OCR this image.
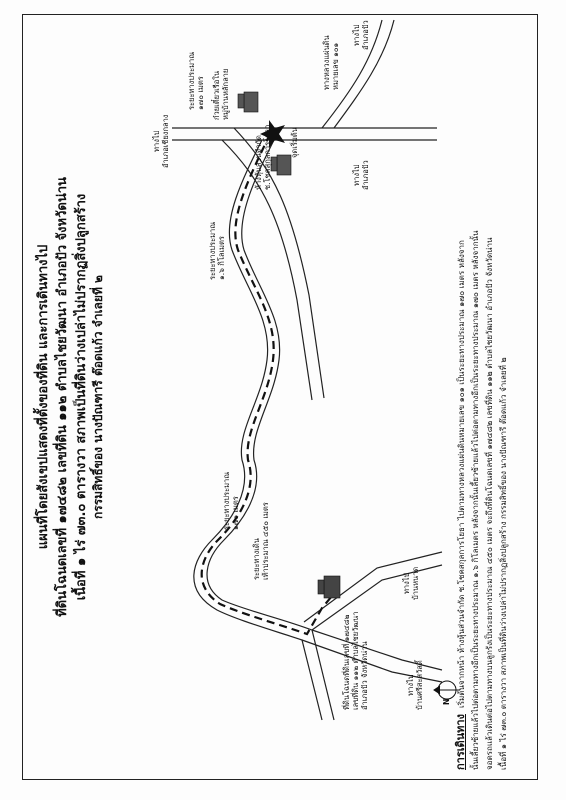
แผนที่โดยสังเขปแสดงที่ตั้งของที่ดิน และการเดินทางไป ที่ดินโฉนดเลขที่ ๑๗๔๘๒ เลขที่ดิน ๑๑๒ ตำบลไชยวัฒนา อำเภอปัว จังหวัดน่าน เนื้อที่ ๑ ไร่ ๗๓.๐ ตารางวา สภาพเป็นที่ดินว่างเปล่าไม่ปรากฏสิ่งปลูกสร้าง กรรมสิทธิ์ของ นางปัณฑารี ต๊อดแก้ว จำเลยที่ ๒
ทางไป อำเภอเชียงกลาง
ทางไป อำเภอปัว
ทางไป อำเภอปัว
ทางหลวงแผ่นดิน หมายเลข ๑๐๑
ก๋วยเตี๋ยวเรือใน หมู่บ้านหลักลาย
ระยะทางประมาณ ๑๗๐ เมตร
จุดเริ่มต้น
ห้างหุ้นส่วนจำกัด ช.โชคสุกุลการโยธา
ระยะทางประมาณ ๑.๖ กิโลเมตร
ระยะทางประมาณ ๑๗๐ เมตร
ระยะทางเดิน เท้าประมาณ ๔๕๐ เมตร
ทางไป บ้านหนาด
ทางไป บ้านศรีสะสวัสดิ์
ที่ดินโฉนดที่ดินเลขที่ ๑๗๔๘๒ เลขที่ดิน ๑๑๒ ตำบลไชยวัฒนา อำเภอปัว จังหวัดน่าน	N
การเดินทางเริ่มต้นจากหน้า ห้างหุ้นส่วนจำกัด ช.โชคสกุลการโยธา ไปตามทางหลวงแผ่นดินหมายเลข ๑๐๑ เป็นระยะทางประมาณ ๑๗๐ เมตร หลังจาก นั้นเลี้ยวซ้ายแล้วไปต่อตามทางอีกเป็นระยะทางประมาณ ๑.๖ กิโลเมตร หลังจากนั้นเลี้ยวซ้ายแล้วไปต่อตามทางอีกเป็นระยะทางประมาณ ๑๗๐ เมตร หลังจากนั้น จอดรถแล้วเดินต่อไปตามทางบนลูกรังเป็นระยะทางประมาณ ๔๕๐ เมตร จะถึงที่ดินโฉนดเลขที่ ๑๗๔๘๒ เลขที่ดิน ๑๑๒ ตำบลไชยวัฒนา อำเภอปัว จังหวัดน่าน เนื้อที่ ๑ ไร่ ๗๓.๐ ตารางวา สภาพเป็นที่ดินว่างเปล่าไม่ปรากฏสิ่งปลูกสร้าง กรรมสิทธิ์ของ นางปัณฑารี ต๊อดแก้ว จำเลยที่ ๒
